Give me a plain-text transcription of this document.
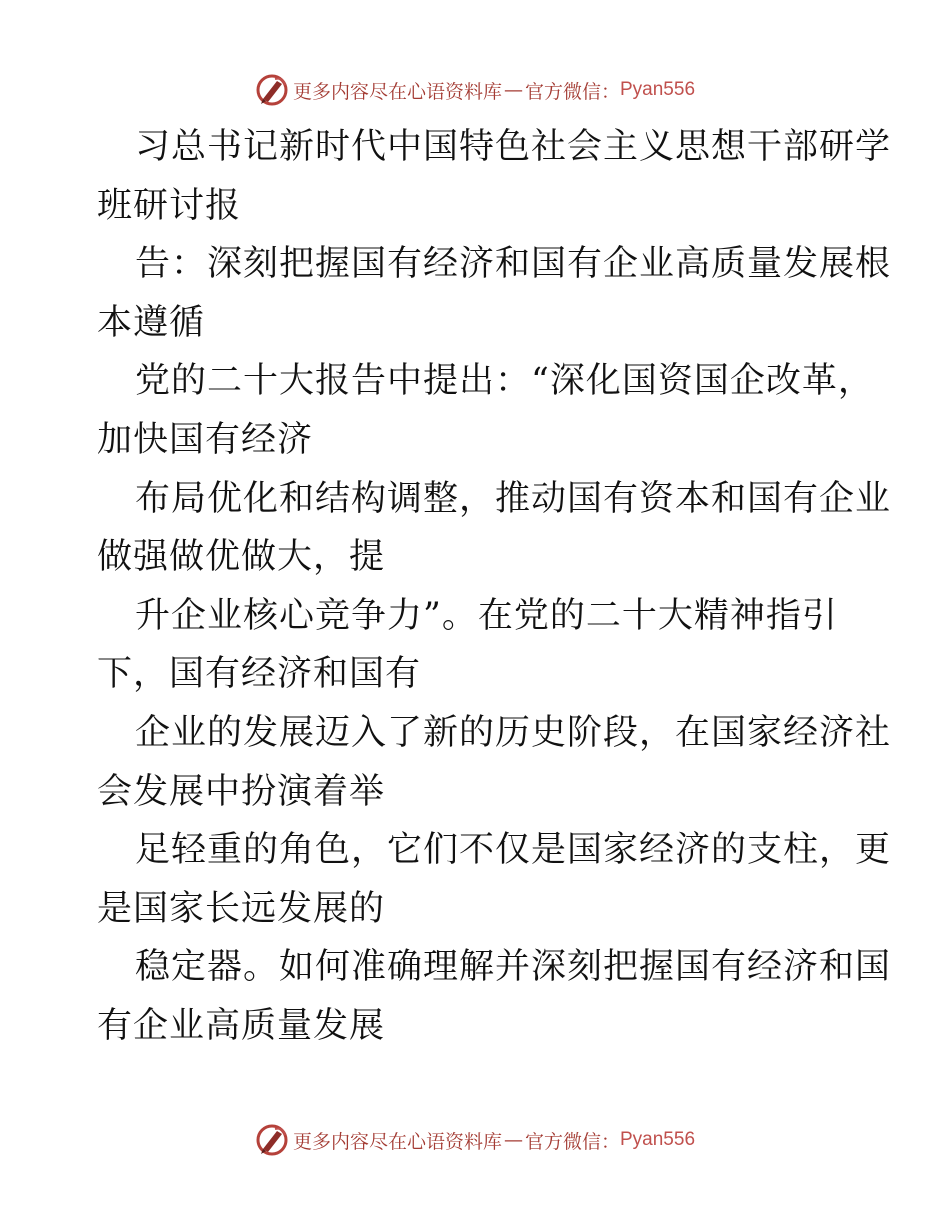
更多内容尽在心语资料库 — 官方微信： Pyan556
习总书记新时代中国特色社会主义思想干部研学
班研讨报
告：深刻把握国有经济和国有企业高质量发展根
本遵循
党的二十大报告中提出：“深化国资国企改革，
加快国有经济
布局优化和结构调整，推动国有资本和国有企业
做强做优做大，提
升企业核心竞争力”。在党的二十大精神指引
下，国有经济和国有
企业的发展迈入了新的历史阶段，在国家经济社
会发展中扮演着举
足轻重的角色，它们不仅是国家经济的支柱，更
是国家长远发展的
稳定器。如何准确理解并深刻把握国有经济和国
有企业高质量发展
更多内容尽在心语资料库 — 官方微信： Pyan556
